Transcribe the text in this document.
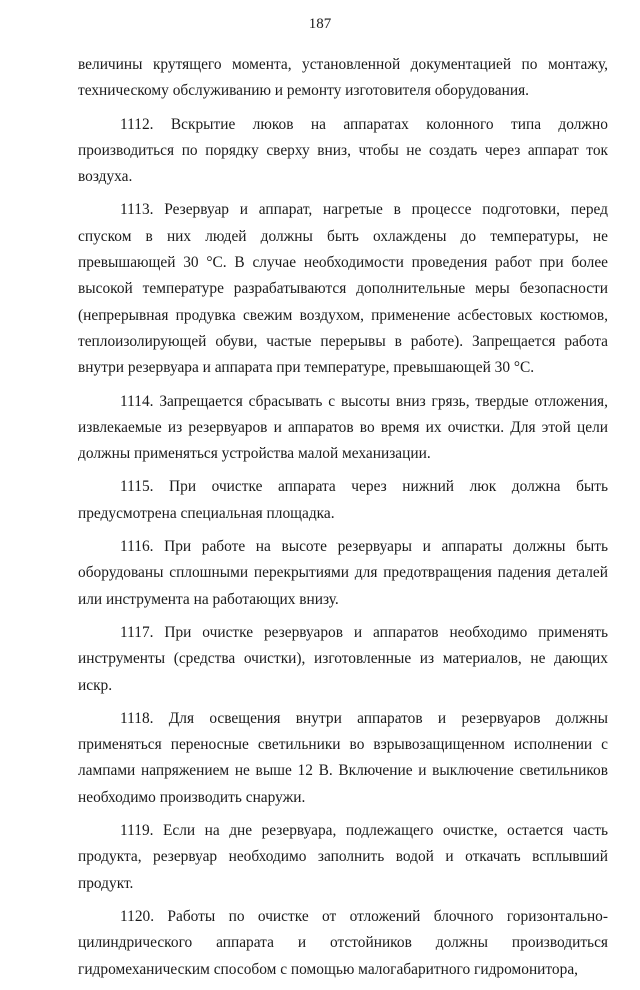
187

величины крутящего момента, установленной документацией по монтажу, техническому обслуживанию и ремонту изготовителя оборудования.

1112. Вскрытие люков на аппаратах колонного типа должно производиться по порядку сверху вниз, чтобы не создать через аппарат ток воздуха.

1113. Резервуар и аппарат, нагретые в процессе подготовки, перед спуском в них людей должны быть охлаждены до температуры, не превышающей 30 °С. В случае необходимости проведения работ при более высокой температуре разрабатываются дополнительные меры безопасности (непрерывная продувка свежим воздухом, применение асбестовых костюмов, теплоизолирующей обуви, частые перерывы в работе). Запрещается работа внутри резервуара и аппарата при температуре, превышающей 30 °С.

1114. Запрещается сбрасывать с высоты вниз грязь, твердые отложения, извлекаемые из резервуаров и аппаратов во время их очистки. Для этой цели должны применяться устройства малой механизации.

1115. При очистке аппарата через нижний люк должна быть предусмотрена специальная площадка.

1116. При работе на высоте резервуары и аппараты должны быть оборудованы сплошными перекрытиями для предотвращения падения деталей или инструмента на работающих внизу.

1117. При очистке резервуаров и аппаратов необходимо применять инструменты (средства очистки), изготовленные из материалов, не дающих искр.

1118. Для освещения внутри аппаратов и резервуаров должны применяться переносные светильники во взрывозащищенном исполнении с лампами напряжением не выше 12 В. Включение и выключение светильников необходимо производить снаружи.

1119. Если на дне резервуара, подлежащего очистке, остается часть продукта, резервуар необходимо заполнить водой и откачать всплывший продукт.

1120. Работы по очистке от отложений блочного горизонтально-цилиндрического аппарата и отстойников должны производиться гидромеханическим способом с помощью малогабаритного гидромонитора,
